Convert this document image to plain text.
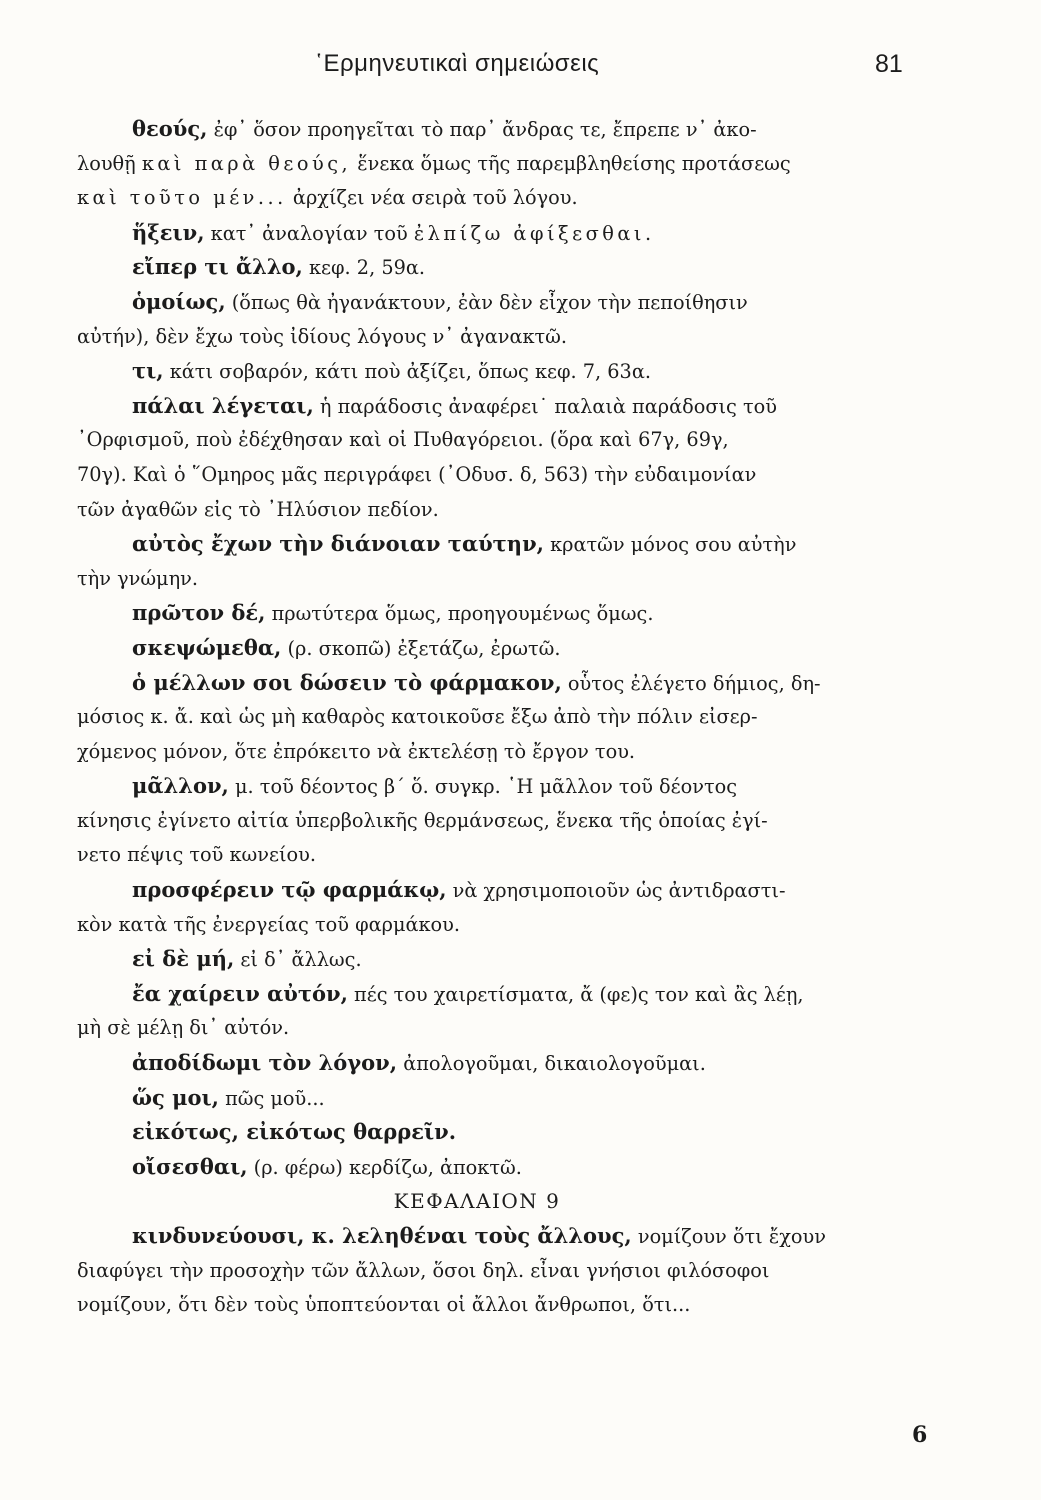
῾Ερμηνευτικαὶ σημειώσεις	81
θεούς, ἐφ᾽ ὅσον προηγεῖται τὸ παρ᾽ ἄνδρας τε, ἔπρεπε ν᾽ ἀκο-
λουθῇ καὶ παρὰ θεούς, ἕνεκα ὅμως τῆς παρεμβληθείσης προτάσεως
καὶ τοῦτο μέν... ἀρχίζει νέα σειρὰ τοῦ λόγου.
ἥξειν, κατ᾽ ἀναλογίαν τοῦ ἐλπίζω ἀφίξεσθαι.
εἴπερ τι ἄλλο, κεφ. 2, 59α.
ὁμοίως, (ὅπως θὰ ἠγανάκτουν, ἐὰν δὲν εἶχον τὴν πεποίθησιν
αὐτήν), δὲν ἔχω τοὺς ἰδίους λόγους ν᾽ ἀγανακτῶ.
τι, κάτι σοβαρόν, κάτι ποὺ ἀξίζει, ὅπως κεφ. 7, 63α.
πάλαι λέγεται, ἡ παράδοσις ἀναφέρει˙ παλαιὰ παράδοσις τοῦ
᾽Ορφισμοῦ, ποὺ ἐδέχθησαν καὶ οἱ Πυθαγόρειοι. (ὅρα καὶ 67γ, 69γ,
70γ). Καὶ ὁ ῞Ομηρος μᾶς περιγράφει (᾽Οδυσ. δ, 563) τὴν εὐδαιμονίαν
τῶν ἀγαθῶν εἰς τὸ ᾽Ηλύσιον πεδίον.
αὐτὸς ἔχων τὴν διάνοιαν ταύτην, κρατῶν μόνος σου αὐτὴν
τὴν γνώμην.
πρῶτον δέ, πρωτύτερα ὅμως, προηγουμένως ὅμως.
σκεψώμεθα, (ρ. σκοπῶ) ἐξετάζω, ἐρωτῶ.
ὁ μέλλων σοι δώσειν τὸ φάρμακον, οὗτος ἐλέγετο δήμιος, δη-
μόσιος κ. ἄ. καὶ ὡς μὴ καθαρὸς κατοικοῦσε ἔξω ἀπὸ τὴν πόλιν εἰσερ-
χόμενος μόνον, ὅτε ἐπρόκειτο νὰ ἐκτελέσῃ τὸ ἔργον του.
μᾶλλον, μ. τοῦ δέοντος β΄ ὅ. συγκρ. ῾Η μᾶλλον τοῦ δέοντος
κίνησις ἐγίνετο αἰτία ὑπερβολικῆς θερμάνσεως, ἕνεκα τῆς ὁποίας ἐγί-
νετο πέψις τοῦ κωνείου.
προσφέρειν τῷ φαρμάκῳ, νὰ χρησιμοποιοῦν ὡς ἀντιδραστι-
κὸν κατὰ τῆς ἐνεργείας τοῦ φαρμάκου.
εἰ δὲ μή, εἰ δ᾽ ἄλλως.
ἔα χαίρειν αὐτόν, πές του χαιρετίσματα, ἄ (φε)ς τον καὶ ἂς λέῃ,
μὴ σὲ μέλῃ δι᾽ αὐτόν.
ἀποδίδωμι τὸν λόγον, ἀπολογοῦμαι, δικαιολογοῦμαι.
ὥς μοι, πῶς μοῦ...
εἰκότως, εἰκότως θαρρεῖν.
οἴσεσθαι, (ρ. φέρω) κερδίζω, ἀποκτῶ.
ΚΕΦΑΛΑΙΟΝ 9
κινδυνεύουσι, κ. λεληθέναι τοὺς ἄλλους, νομίζουν ὅτι ἔχουν
διαφύγει τὴν προσοχὴν τῶν ἄλλων, ὅσοι δηλ. εἶναι γνήσιοι φιλόσοφοι
νομίζουν, ὅτι δὲν τοὺς ὑποπτεύονται οἱ ἄλλοι ἄνθρωποι, ὅτι...
6
